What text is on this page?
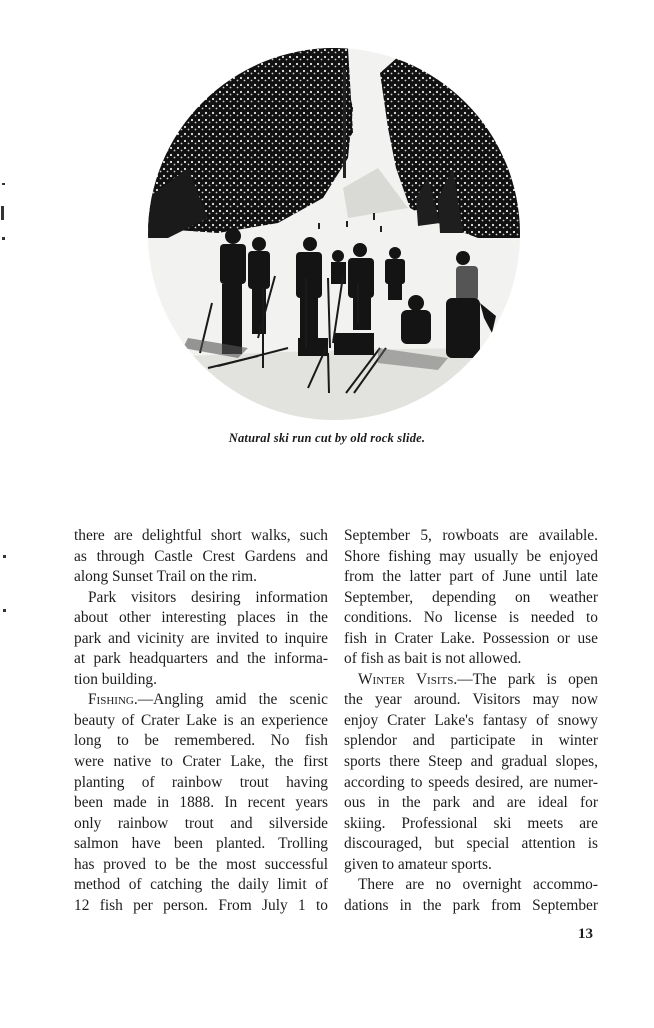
Natural ski run cut by old rock slide.
there are delightful short walks, such
as through Castle Crest Gardens and
along Sunset Trail on the rim.
Park visitors desiring information
about other interesting places in the
park and vicinity are invited to inquire
at park headquarters and the informa-
tion building.
Fishing.—Angling amid the scenic
beauty of Crater Lake is an experience
long to be remembered. No fish
were native to Crater Lake, the first
planting of rainbow trout having
been made in 1888. In recent years
only rainbow trout and silverside
salmon have been planted. Trolling
has proved to be the most successful
method of catching the daily limit of
12 fish per person. From July 1 to
September 5, rowboats are available.
Shore fishing may usually be enjoyed
from the latter part of June until late
September, depending on weather
conditions. No license is needed to
fish in Crater Lake. Possession or use
of fish as bait is not allowed.
Winter Visits.—The park is open
the year around. Visitors may now
enjoy Crater Lake's fantasy of snowy
splendor and participate in winter
sports there Steep and gradual slopes,
according to speeds desired, are numer-
ous in the park and are ideal for
skiing. Professional ski meets are
discouraged, but special attention is
given to amateur sports.
There are no overnight accommo-
dations in the park from September
13
